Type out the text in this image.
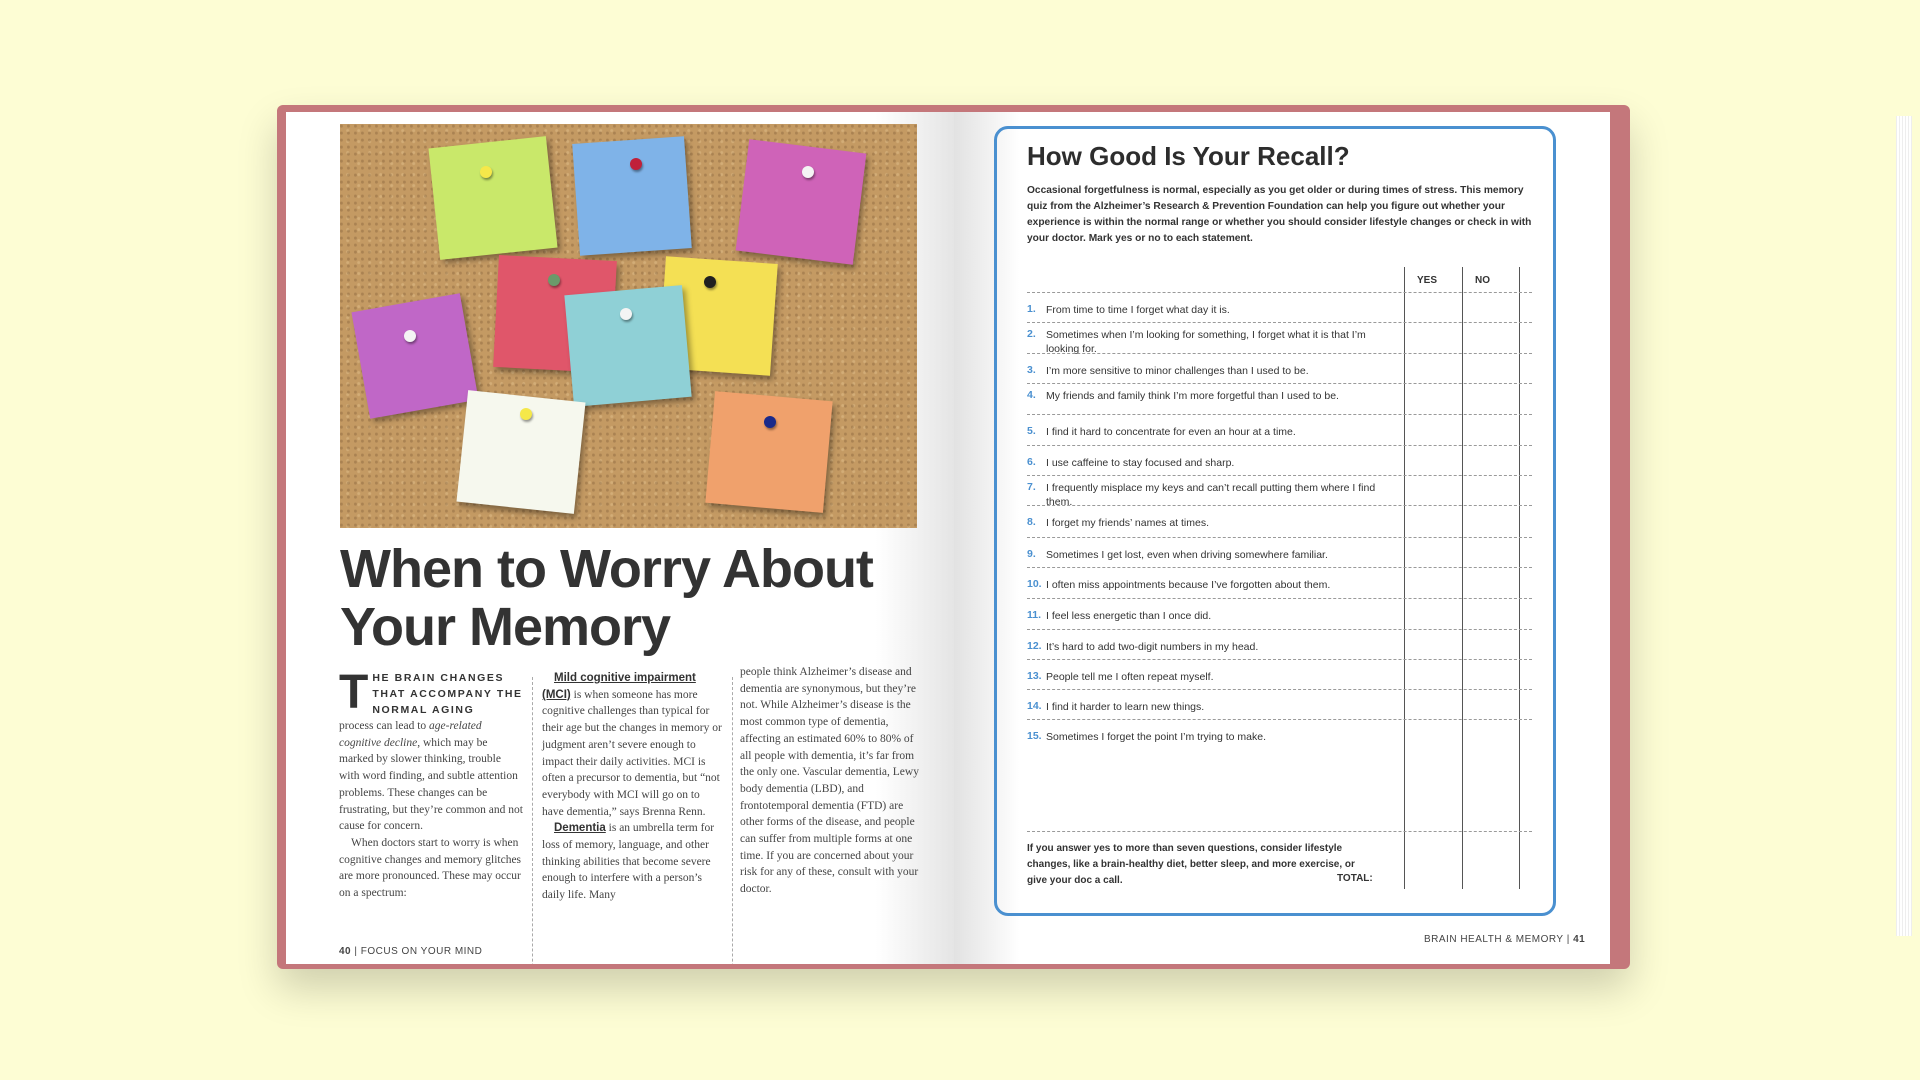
When to Worry About
Your Memory

T HE BRAIN CHANGES THAT ACCOMPANY THE NORMAL AGING
process can lead to age-related cognitive decline, which may be marked by slower thinking, trouble with word finding, and subtle attention problems. These changes can be frustrating, but they’re common and not cause for concern.

When doctors start to worry is when cognitive changes and memory glitches are more pronounced. These may occur on a spectrum:

Mild cognitive impairment (MCI) is when someone has more cognitive challenges than typical for their age but the changes in memory or judgment aren’t severe enough to impact their daily activities. MCI is often a precursor to dementia, but “not everybody with MCI will go on to have dementia,” says Brenna Renn.

Dementia is an umbrella term for loss of memory, language, and other thinking abilities that become severe enough to interfere with a person’s daily life. Many

people think Alzheimer’s disease and dementia are synonymous, but they’re not. While Alzheimer’s disease is the most common type of dementia, affecting an estimated 60% to 80% of all people with dementia, it’s far from the only one. Vascular dementia, Lewy body dementia (LBD), and frontotemporal dementia (FTD) are other forms of the disease, and people can suffer from multiple forms at one time. If you are concerned about your risk for any of these, consult with your doctor.

40 | FOCUS ON YOUR MIND
How Good Is Your Recall?
Occasional forgetfulness is normal, especially as you get older or during times of stress. This memory quiz from the Alzheimer’s Research & Prevention Foundation can help you figure out whether your experience is within the normal range or whether you should consider lifestyle changes or check in with your doctor. Mark yes or no to each statement.
YES	NO
1. From time to time I forget what day it is.
2. Sometimes when I’m looking for something, I forget what it is that I’m looking for.
3. I’m more sensitive to minor challenges than I used to be.
4. My friends and family think I’m more forgetful than I used to be.
5. I find it hard to concentrate for even an hour at a time.
6. I use caffeine to stay focused and sharp.
7. I frequently misplace my keys and can’t recall putting them where I find them.
8. I forget my friends’ names at times.
9. Sometimes I get lost, even when driving somewhere familiar.
10. I often miss appointments because I’ve forgotten about them.
11. I feel less energetic than I once did.
12. It’s hard to add two-digit numbers in my head.
13. People tell me I often repeat myself.
14. I find it harder to learn new things.
15. Sometimes I forget the point I’m trying to make.
If you answer yes to more than seven questions, consider lifestyle changes, like a brain-healthy diet, better sleep, and more exercise, or give your doc a call.	TOTAL:
BRAIN HEALTH & MEMORY | 41
